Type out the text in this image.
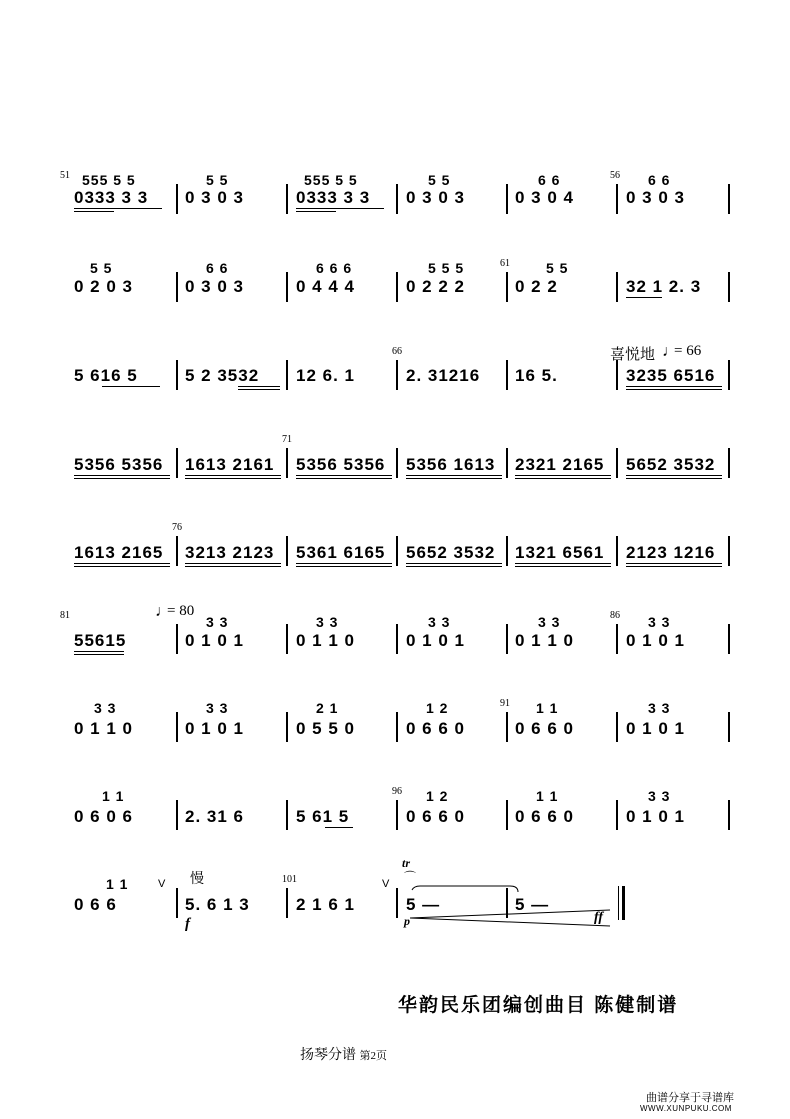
51 555 5 5
0333 3 3
5 5
0 3 0 3
555 5 5
0333 3 3
5 5
0 3 0 3
6 6
0 3 0 4
56 6 6
0 3 0 3
5 5
0 2 0 3
6 6
0 3 0 3
6 6 6
0 4 4 4
5 5 5
0 2 2 2
61	5 5
0 2 2	32 1 2. 3
5 616 5	5 2 3532 12 6. 1
66
2. 31216 16 5.
喜悦地 ♩
= 66
3235 6516
71
5356 5356 1613 2161 5356 5356 5356 1613 2321 2165 5652 3532
76
1613 2165 3213 2123 5361 6165 5652 3532 1321 6561 2123 1216
81
55615
♩
= 80
3 3
0 1 0 1
3 3
0 1 1 0
3 3
0 1 0 1
3 3
0 1 1 0
86 3 3
0 1 0 1
3 3
0 1 1 0
3 3
0 1 0 1
2 1
0 5 5 0
1 2
0 6 6 0
91 1 1
0 6 6 0
3 3
0 1 0 1
96
1 1
0 6 0 6	2. 31 6	5 61 5
1 2
0 6 6 0
1 1
0 6 6 0
3 3
0 1 0 1
101
1 1
0 6 6
V 慢
5. 6 1 3
f
2 1 6 1
V
tr
⌒
5 —
p
5 —
ff
华韵民乐团编创曲目 陈健制谱
扬琴分谱 第2页
曲谱分享于寻谱库
WWW.XUNPUKU.COM
